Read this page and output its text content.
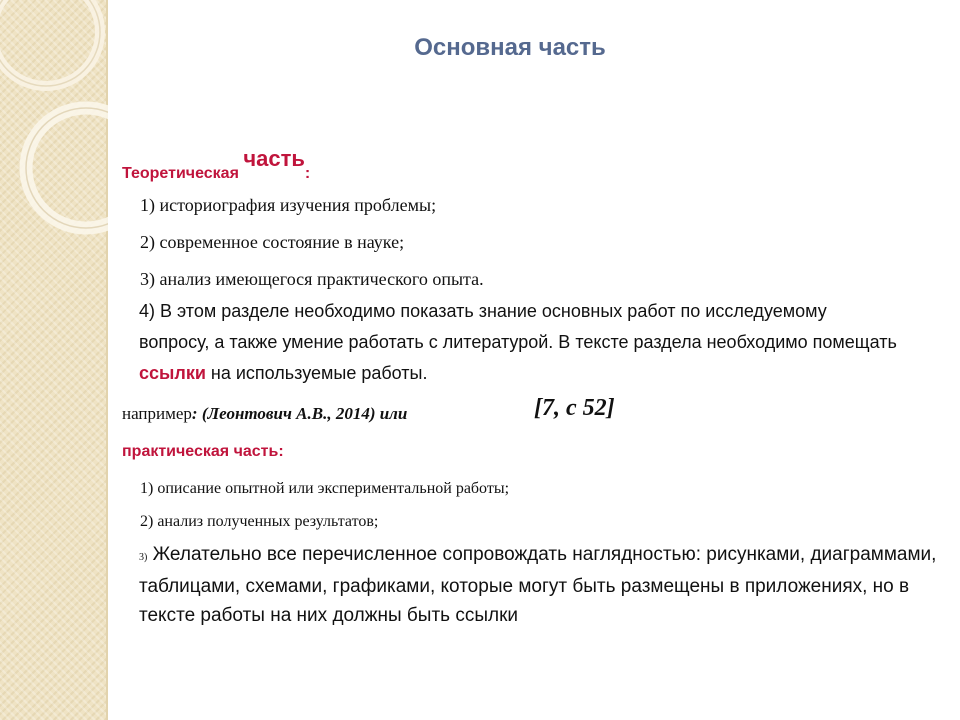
Основная часть
Теоретическая часть:
1) историография изучения проблемы;
2) современное состояние в науке;
3) анализ имеющегося практического опыта.
4) В этом разделе необходимо показать знание основных работ по исследуемому вопросу, а также умение работать с литературой. В тексте раздела необходимо помещать ссылки на используемые работы.
например: (Леонтович А.В., 2014) или	[7, с 52]
практическая часть:
1) описание опытной или экспериментальной работы;
2) анализ полученных результатов;
3) Желательно все перечисленное сопровождать наглядностью: рисунками, диаграммами, таблицами, схемами, графиками, которые могут быть размещены в приложениях, но в тексте работы на них должны быть ссылки
